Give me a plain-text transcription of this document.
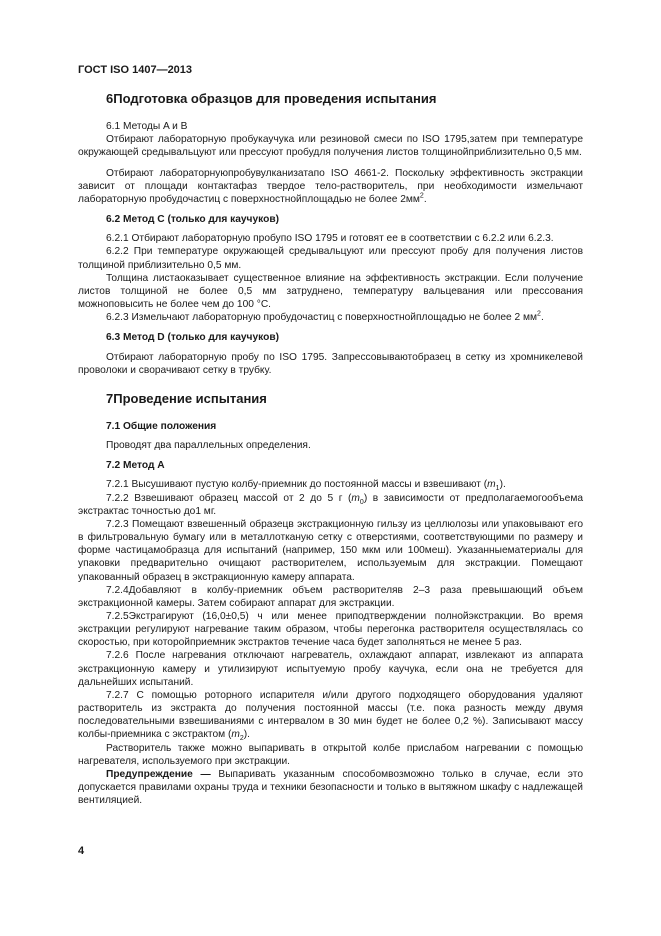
ГОСТ ISO 1407—2013
6Подготовка образцов для проведения испытания

6.1 Методы A и B

Отбирают лабораторную пробукаучука или резиновой смеси по ISO 1795,затем при температуре окружающей средывальцуют или прессуют пробудля получения листов толщинойприблизительно 0,5 мм.

Отбирают лабораторнуюпробувулканизатапо ISO 4661-2. Поскольку эффективность экстракции зависит от площади контактафаз твердое тело-растворитель, при необходимости измельчают лабораторную пробудочастиц с поверхностнойплощадью не более $2мм^2$.

6.2 Метод C (только для каучуков)

6.2.1 Отбирают лабораторную пробупо ISO 1795 и готовят ее в соответствии с 6.2.2 или 6.2.3.

6.2.2 При температуре окружающей средывальцуют или прессуют пробу для получения листов толщиной приблизительно 0,5 мм.

Толщина листаоказывает существенное влияние на эффективность экстракции. Если получение листов толщиной не более 0,5 мм затруднено, температуру вальцевания или прессования можноповысить не более чем до 100 °С.

6.2.3 Измельчают лабораторную пробудочастиц с поверхностнойплощадью не более 2 $мм^2$.

6.3 Метод D (только для каучуков)

Отбирают лабораторную пробу по ISO 1795. Запрессовываютобразец в сетку из хромникелевой проволоки и сворачивают сетку в трубку.

7Проведение испытания
7.1 Общие положения

Проводят два параллельных определения.

7.2 Метод A

7.2.1 Высушивают пустую колбу-приемник до постоянной массы и взвешивают $(m_1)$.

7.2.2 Взвешивают образец массой от 2 до 5 г $(m_0)$ в зависимости от предполагаемогообъема экстрактас точностью до1 мг.

7.2.3 Помещают взвешенный образецв экстракционную гильзу из целлюлозы или упаковывают его в фильтровальную бумагу или в металлоткaную сетку с отверстиями, соответствующими по размеру и форме частицамобразца для испытаний (например, 150 мкм или 100меш). Указанныематериалы для упаковки предварительно очищают растворителем, используемым для экстракции. Помещают упакованный образец в экстракционную камеру аппарата.

7.2.4Добавляют в колбу-приемник объем растворителяв 2–3 раза превышающий объем экстракционной камеры. Затем собирают аппарат для экстракции.

7.2.5Экстрагируют (16,0±0,5) ч или менее приподтверждении полнойэкстракции. Во время экстракции регулируют нагревание таким образом, чтобы перегонка растворителя осуществлялась со скоростью, при которойприемник экстрактов течение часа будет заполняться не менее 5 раз.

7.2.6 После нагревания отключают нагреватель, охлаждают аппарат, извлекают из аппарата экстракционную камеру и утилизируют испытуемую пробу каучука, если она не требуется для дальнейших испытаний.

7.2.7 С помощью роторного испарителя и/или другого подходящего оборудования удаляют растворитель из экстракта до получения постоянной массы (т.е. пока разность между двумя последовательными взвешиваниями с интервалом в 30 мин будет не более 0,2 %). Записывают массу колбы-приемника с экстрактом $(m_2)$.

Растворитель также можно выпаривать в открытой колбе прислабом нагревании с помощью нагревателя, используемого при экстракции.

Предупреждение — Выпаривать указанным способомвозможно только в случае, если это допускается правилами охраны труда и техники безопасности и только в вытяжном шкафу с надлежащей вентиляцией.

4
